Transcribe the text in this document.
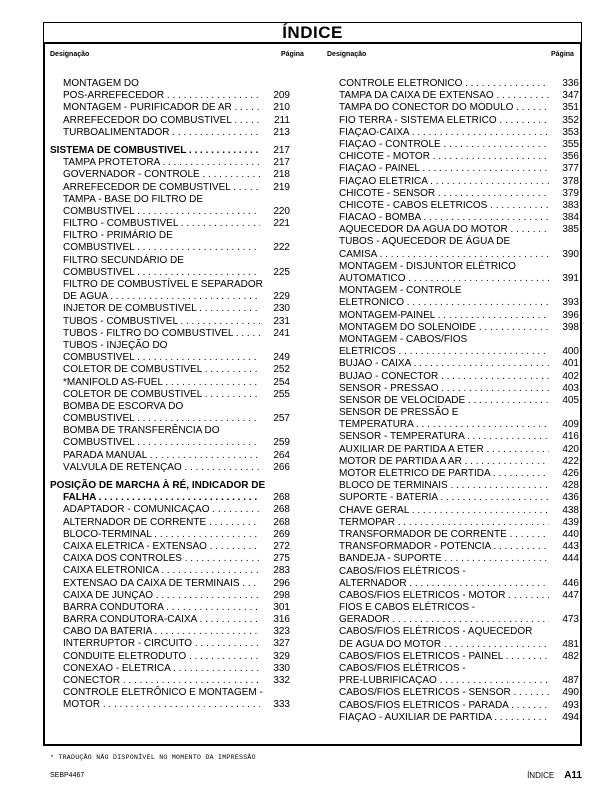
ÍNDICE
Designação	Página	Designação	Página
MONTAGEM DO
PÓS-ARREFECEDOR . . .	209
MONTAGEM - PURIFICADOR DE AR . . .	210
ARREFECEDOR DO COMBUSTÍVEL . . .	211
TURBOALIMENTADOR . . .	213
SISTEMA DE COMBUSTÍVEL . . .	217
TAMPA PROTETORA . . .	217
GOVERNADOR - CONTROLE . . .	218
ARREFECEDOR DE COMBUSTÍVEL . . .	219
TAMPA - BASE DO FILTRO DE
COMBUSTÍVEL . . .	220
FILTRO - COMBUSTÍVEL . . .	221
FILTRO - PRIMÁRIO DE
COMBUSTÍVEL . . .	222
FILTRO SECUNDÁRIO DE
COMBUSTÍVEL . . .	225
FILTRO DE COMBUSTÍVEL E SEPARADOR
DE ÁGUA . . .	229
INJETOR DE COMBUSTÍVEL . . .	230
TUBOS - COMBUSTÍVEL . . .	231
TUBOS - FILTRO DO COMBUSTÍVEL . . .	241
TUBOS - INJEÇÃO DO
COMBUSTÍVEL . . .	249
COLETOR DE COMBUSTÍVEL . . .	252
*MANIFOLD AS-FUEL . . .	254
COLETOR DE COMBUSTÍVEL . . .	255
BOMBA DE ESCORVA DO
COMBUSTÍVEL . . .	257
BOMBA DE TRANSFERÊNCIA DO
COMBUSTÍVEL . . .	259
PARADA MANUAL . . .	264
VÁLVULA DE RETENÇÃO . . .	266
POSIÇÃO DE MARCHA À RÉ, INDICADOR DE
FALHA . . .	268
ADAPTADOR - COMUNICAÇÃO . . .	268
ALTERNADOR DE CORRENTE . . .	268
BLOCO-TERMINAL . . .	269
CAIXA ELÉTRICA - EXTENSÃO . . .	272
CAIXA DOS CONTROLES . . .	275
CAIXA ELETRÔNICA . . .	283
EXTENSÃO DA CAIXA DE TERMINAIS . . .	296
CAIXA DE JUNÇÃO . . .	298
BARRA CONDUTORA . . .	301
BARRA CONDUTORA-CAIXA . . .	316
CABO DA BATERIA . . .	323
INTERRUPTOR - CIRCUITO . . .	327
CONDUITE ELETRODUTO . . .	329
CONEXÃO - ELÉTRICA . . .	330
CONECTOR . . .	332
CONTROLE ELETRÔNICO E MONTAGEM -
MOTOR . . .	333
CONTROLE ELETRÔNICO . . .	336
TAMPA DA CAIXA DE EXTENSÃO . . .	347
TAMPA DO CONECTOR DO MÓDULO . . .	351
FIO TERRA - SISTEMA ELÉTRICO . . .	352
FIAÇÃO-CAIXA . . .	353
FIAÇÃO - CONTROLE . . .	355
CHICOTE - MOTOR . . .	356
FIAÇÃO - PAINEL . . .	377
FIAÇÃO ELÉTRICA . . .	378
CHICOTE - SENSOR . . .	379
CHICOTE - CABOS ELÉTRICOS . . .	383
FIACAO - BOMBA . . .	384
AQUECEDOR DA ÁGUA DO MOTOR . . .	385
TUBOS - AQUECEDOR DE ÁGUA DE
CAMISA . . .	390
MONTAGEM - DISJUNTOR ELÉTRICO
AUTOMÁTICO . . .	391
MONTAGEM - CONTROLE
ELETRÔNICO . . .	393
MONTAGEM-PAINEL . . .	396
MONTAGEM DO SOLENÓIDE . . .	398
MONTAGEM - CABOS/FIOS
ELÉTRICOS . . .	400
BUJÃO - CAIXA . . .	401
BUJÃO - CONECTOR . . .	402
SENSOR - PRESSÃO . . .	403
SENSOR DE VELOCIDADE . . .	405
SENSOR DE PRESSÃO E
TEMPERATURA . . .	409
SENSOR - TEMPERATURA . . .	416
AUXILIAR DE PARTIDA A ÉTER . . .	420
MOTOR DE PARTIDA A AR . . .	422
MOTOR ELÉTRICO DE PARTIDA . . .	426
BLOCO DE TERMINAIS . . .	428
SUPORTE - BATERIA . . .	436
CHAVE GERAL . . .	438
TERMOPAR . . .	439
TRANSFORMADOR DE CORRENTE . . .	440
TRANSFORMADOR - POTÊNCIA . . .	443
BANDEJA - SUPORTE . . .	444
CABOS/FIOS ELÉTRICOS -
ALTERNADOR . . .	446
CABOS/FIOS ELÉTRICOS - MOTOR . . .	447
FIOS E CABOS ELÉTRICOS -
GERADOR . . .	473
CABOS/FIOS ELÉTRICOS - AQUECEDOR
DE ÁGUA DO MOTOR . . .	481
CABOS/FIOS ELÉTRICOS - PAINEL . . .	482
CABOS/FIOS ELÉTRICOS -
PRÉ-LUBRIFICAÇÃO . . .	487
CABOS/FIOS ELÉTRICOS - SENSOR . . .	490
CABOS/FIOS ELÉTRICOS - PARADA . . .	493
FIAÇÃO - AUXILIAR DE PARTIDA . . .	494
* TRADUÇÃO NÃO DISPONÍVEL NO MOMENTO DA IMPRESSÃO
SEBP4467	ÍNDICE A11
